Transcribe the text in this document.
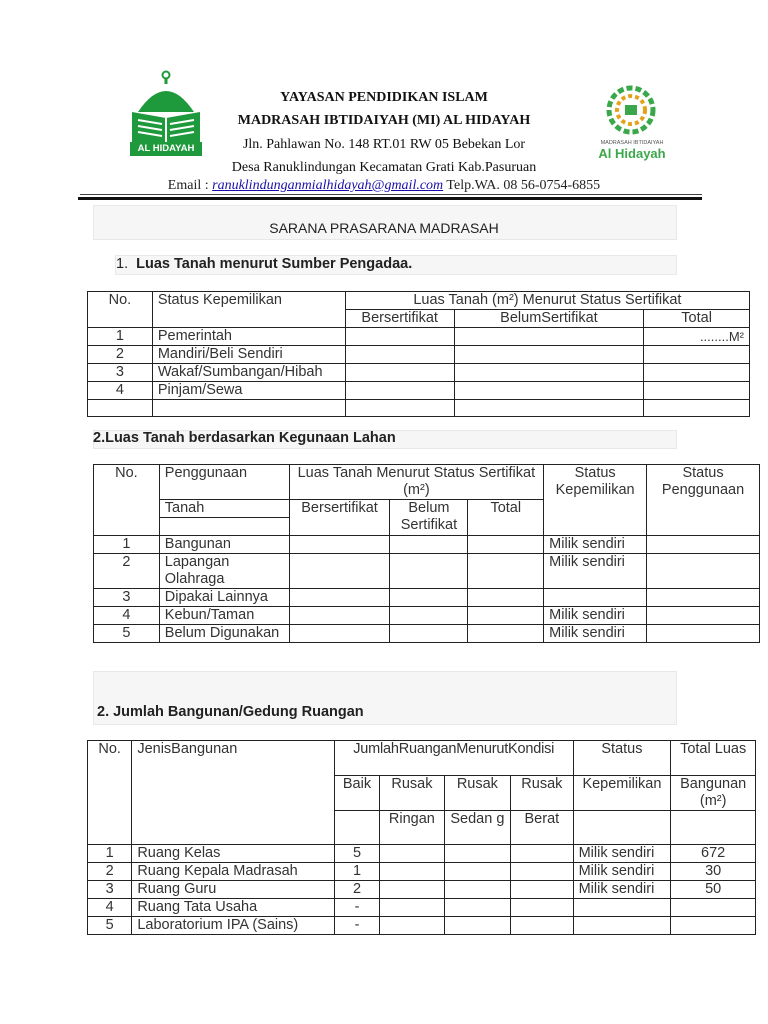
AL HIDAYAH	MADRASAH IBTIDAIYAH
Al Hidayah
YAYASAN PENDIDIKAN ISLAM
MADRASAH IBTIDAIYAH (MI) AL HIDAYAH
Jln. Pahlawan No. 148 RT.01 RW 05 Bebekan Lor
Desa Ranuklindungan Kecamatan Grati Kab.Pasuruan
Email : ranuklindunganmialhidayah@gmail.com Telp.WA. 08 56-0754-6855
SARANA PRASARANA MADRASAH
1. Luas Tanah menurut Sumber Pengadaa.
No.	Status Kepemilikan	Luas Tanah (m²) Menurut Status Sertifikat		
		Bersertifikat	BelumSertifikat	Total
1	Pemerintah			........M²
2	Mandiri/Beli Sendiri			
3	Wakaf/Sumbangan/Hibah			
4	Pinjam/Sewa			

2.Luas Tanah berdasarkan Kegunaan Lahan
No.	Penggunaan	Luas Tanah Menurut Status Sertifikat (m²)			Status Kepemilikan	Status Penggunaan
	Tanah	Bersertifikat	Belum Sertifikat	Total		

1	Bangunan				Milik sendiri	
2	Lapangan Olahraga				Milik sendiri	
3	Dipakai Lainnya					
4	Kebun/Taman				Milik sendiri	
5	Belum Digunakan				Milik sendiri	
2. Jumlah Bangunan/Gedung Ruangan
No.	JenisBangunan	JumlahRuanganMenurutKondisi				Status	Total Luas
		Baik	Rusak	Rusak	Rusak	Kepemilikan	Bangunan (m²)
			Ringan	Sedan g	Berat		
1	Ruang Kelas	5				Milik sendiri	672
2	Ruang Kepala Madrasah	1				Milik sendiri	30
3	Ruang Guru	2				Milik sendiri	50
4	Ruang Tata Usaha	-					
5	Laboratorium IPA (Sains)	-					
